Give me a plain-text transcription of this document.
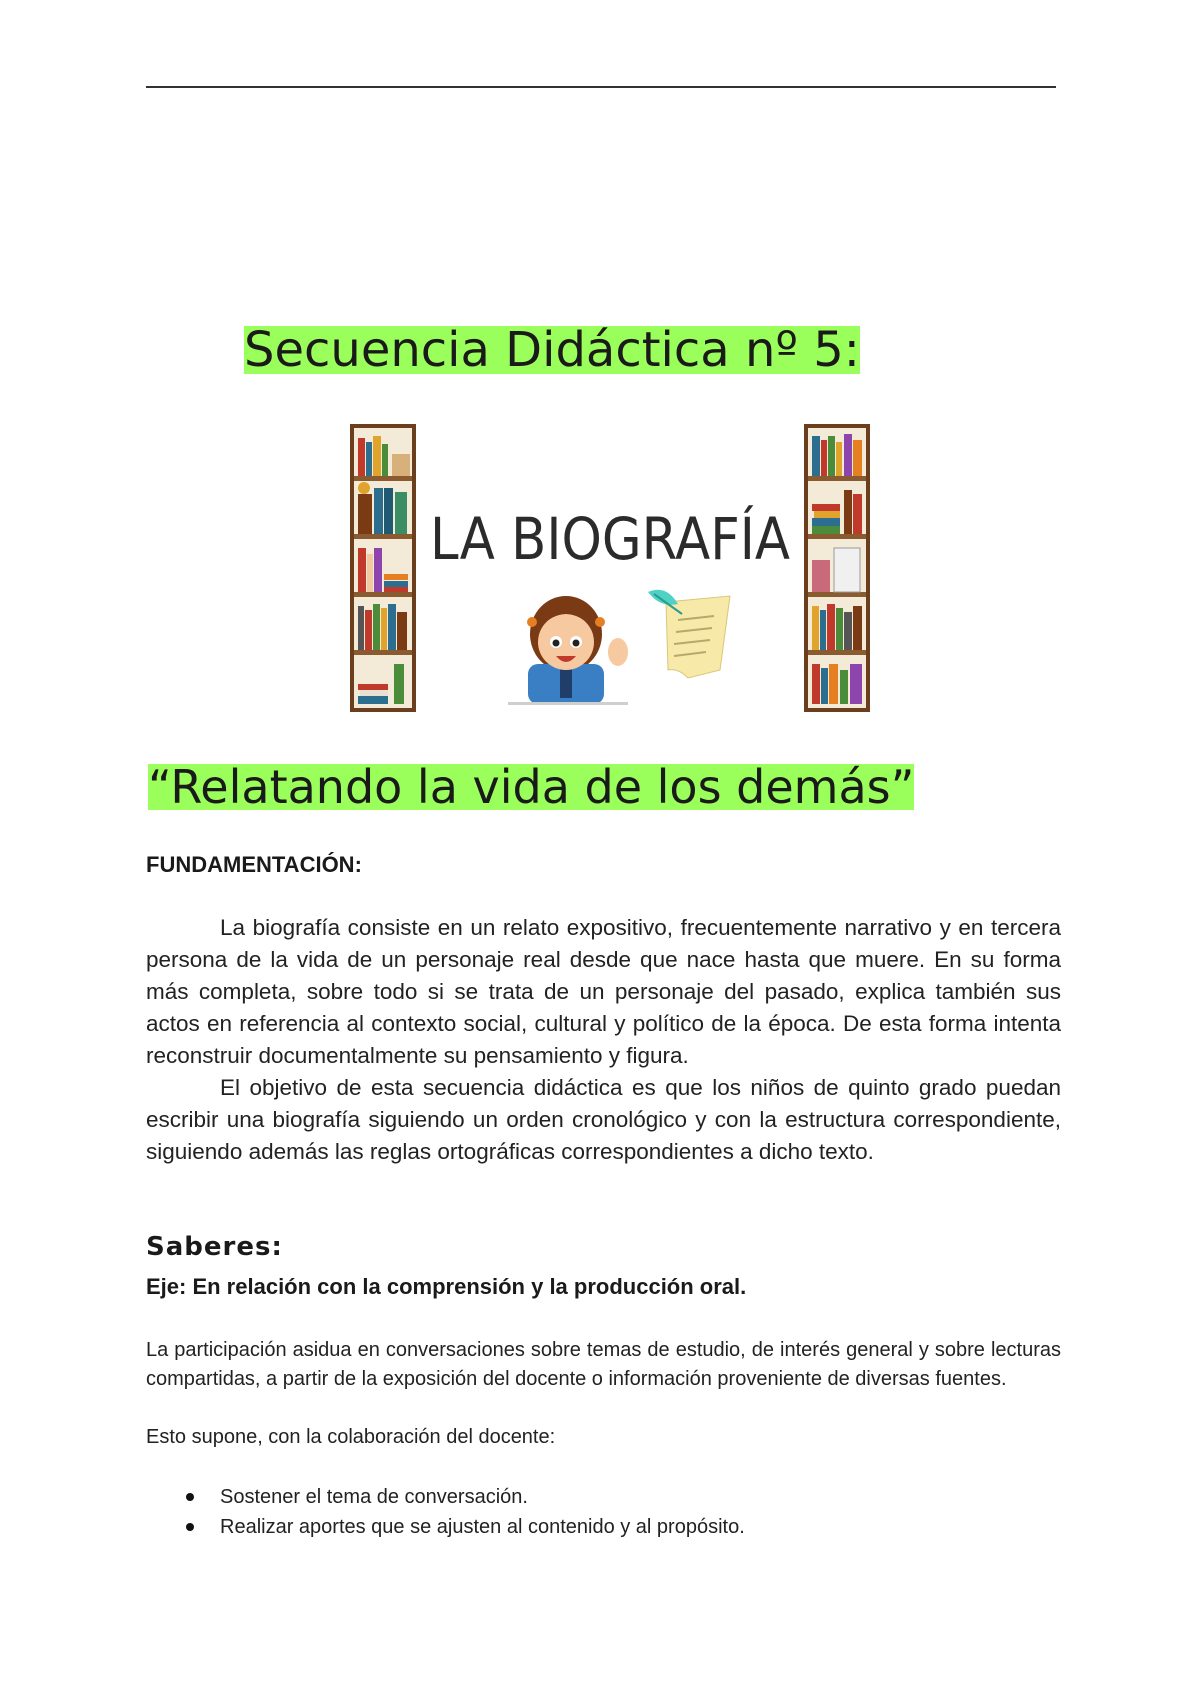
Secuencia Didáctica nº 5:
LA BIOGRAFÍA
“Relatando la vida de los demás”
FUNDAMENTACIÓN:

La biografía consiste en un relato expositivo, frecuentemente narrativo y en tercera persona de la vida de un personaje real desde que nace hasta que muere. En su forma más completa, sobre todo si se trata de un personaje del pasado, explica también sus actos en referencia al contexto social, cultural y político de la época. De esta forma intenta reconstruir documentalmente su pensamiento y figura.

El objetivo de esta secuencia didáctica es que los niños de quinto grado puedan escribir una biografía siguiendo un orden cronológico y con la estructura correspondiente, siguiendo además las reglas ortográficas correspondientes a dicho texto.

Saberes:
Eje: En relación con la comprensión y la producción oral.

La participación asidua en conversaciones sobre temas de estudio, de interés general y sobre lecturas compartidas, a partir de la exposición del docente o información proveniente de diversas fuentes.

Esto supone, con la colaboración del docente:

Sostener el tema de conversación.
Realizar aportes que se ajusten al contenido y al propósito.
